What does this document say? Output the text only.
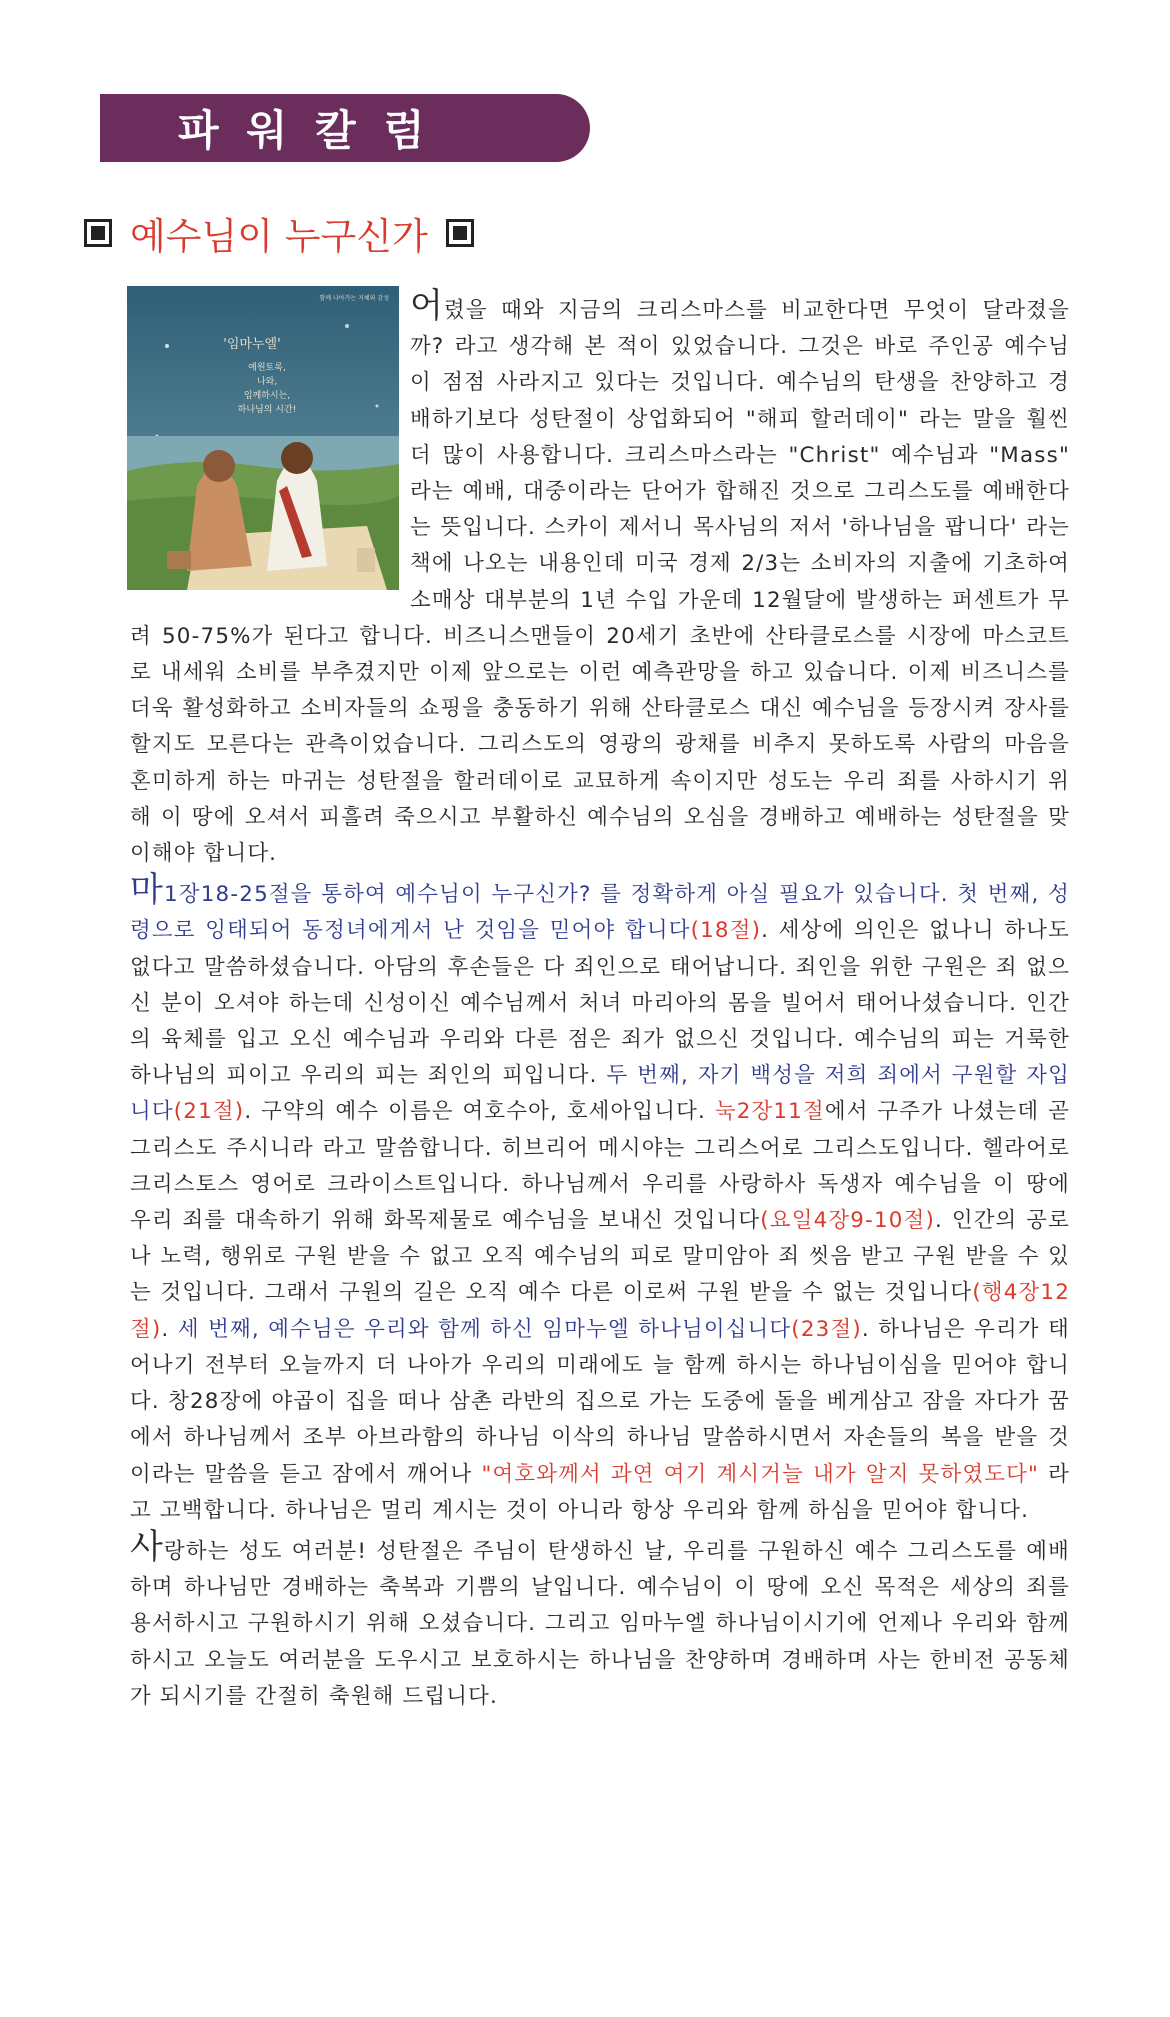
파워칼럼
예수님이 누구신가
'임마누엘'
예원토록,
나와,
임께하시는,
하나님의 시간!
함께 나아가는 지혜와 감성 어렸을 때와 지금의 크리스마스를 비교한다면 무엇이 달라졌을까? 라고 생각해 본 적이 있었습니다. 그것은 바로 주인공 예수님이 점점 사라지고 있다는 것입니다. 예수님의 탄생을 찬양하고 경배하기보다 성탄절이 상업화되어 "해피 할러데이" 라는 말을 훨씬 더 많이 사용합니다. 크리스마스라는 "Christ" 예수님과 "Mass" 라는 예배, 대중이라는 단어가 합해진 것으로 그리스도를 예배한다는 뜻입니다. 스카이 제서니 목사님의 저서 '하나님을 팝니다' 라는 책에 나오는 내용인데 미국 경제 2/3는 소비자의 지출에 기초하여 소매상 대부분의 1년 수입 가운데 12월달에 발생하는 퍼센트가 무려 50-75%가 된다고 합니다. 비즈니스맨들이 20세기 초반에 산타클로스를 시장에 마스코트로 내세워 소비를 부추겼지만 이제 앞으로는 이런 예측관망을 하고 있습니다. 이제 비즈니스를 더욱 활성화하고 소비자들의 쇼핑을 충동하기 위해 산타클로스 대신 예수님을 등장시켜 장사를 할지도 모른다는 관측이었습니다. 그리스도의 영광의 광채를 비추지 못하도록 사람의 마음을 혼미하게 하는 마귀는 성탄절을 할러데이로 교묘하게 속이지만 성도는 우리 죄를 사하시기 위해 이 땅에 오셔서 피흘려 죽으시고 부활하신 예수님의 오심을 경배하고 예배하는 성탄절을 맞이해야 합니다.

마1장18-25절을 통하여 예수님이 누구신가? 를 정확하게 아실 필요가 있습니다. 첫 번째, 성령으로 잉태되어 동정녀에게서 난 것임을 믿어야 합니다(18절). 세상에 의인은 없나니 하나도 없다고 말씀하셨습니다. 아담의 후손들은 다 죄인으로 태어납니다. 죄인을 위한 구원은 죄 없으신 분이 오셔야 하는데 신성이신 예수님께서 처녀 마리아의 몸을 빌어서 태어나셨습니다. 인간의 육체를 입고 오신 예수님과 우리와 다른 점은 죄가 없으신 것입니다. 예수님의 피는 거룩한 하나님의 피이고 우리의 피는 죄인의 피입니다. 두 번째, 자기 백성을 저희 죄에서 구원할 자입니다(21절). 구약의 예수 이름은 여호수아, 호세아입니다. 눅2장11절에서 구주가 나셨는데 곧 그리스도 주시니라 라고 말씀합니다. 히브리어 메시야는 그리스어로 그리스도입니다. 헬라어로 크리스토스 영어로 크라이스트입니다. 하나님께서 우리를 사랑하사 독생자 예수님을 이 땅에 우리 죄를 대속하기 위해 화목제물로 예수님을 보내신 것입니다(요일4장9-10절). 인간의 공로나 노력, 행위로 구원 받을 수 없고 오직 예수님의 피로 말미암아 죄 씻음 받고 구원 받을 수 있는 것입니다. 그래서 구원의 길은 오직 예수 다른 이로써 구원 받을 수 없는 것입니다(행4장12절). 세 번째, 예수님은 우리와 함께 하신 임마누엘 하나님이십니다(23절). 하나님은 우리가 태어나기 전부터 오늘까지 더 나아가 우리의 미래에도 늘 함께 하시는 하나님이심을 믿어야 합니다. 창28장에 야곱이 집을 떠나 삼촌 라반의 집으로 가는 도중에 돌을 베게삼고 잠을 자다가 꿈에서 하나님께서 조부 아브라함의 하나님 이삭의 하나님 말씀하시면서 자손들의 복을 받을 것이라는 말씀을 듣고 잠에서 깨어나 "여호와께서 과연 여기 계시거늘 내가 알지 못하였도다" 라고 고백합니다. 하나님은 멀리 계시는 것이 아니라 항상 우리와 함께 하심을 믿어야 합니다.

사랑하는 성도 여러분! 성탄절은 주님이 탄생하신 날, 우리를 구원하신 예수 그리스도를 예배하며 하나님만 경배하는 축복과 기쁨의 날입니다. 예수님이 이 땅에 오신 목적은 세상의 죄를 용서하시고 구원하시기 위해 오셨습니다. 그리고 임마누엘 하나님이시기에 언제나 우리와 함께 하시고 오늘도 여러분을 도우시고 보호하시는 하나님을 찬양하며 경배하며 사는 한비전 공동체가 되시기를 간절히 축원해 드립니다.
